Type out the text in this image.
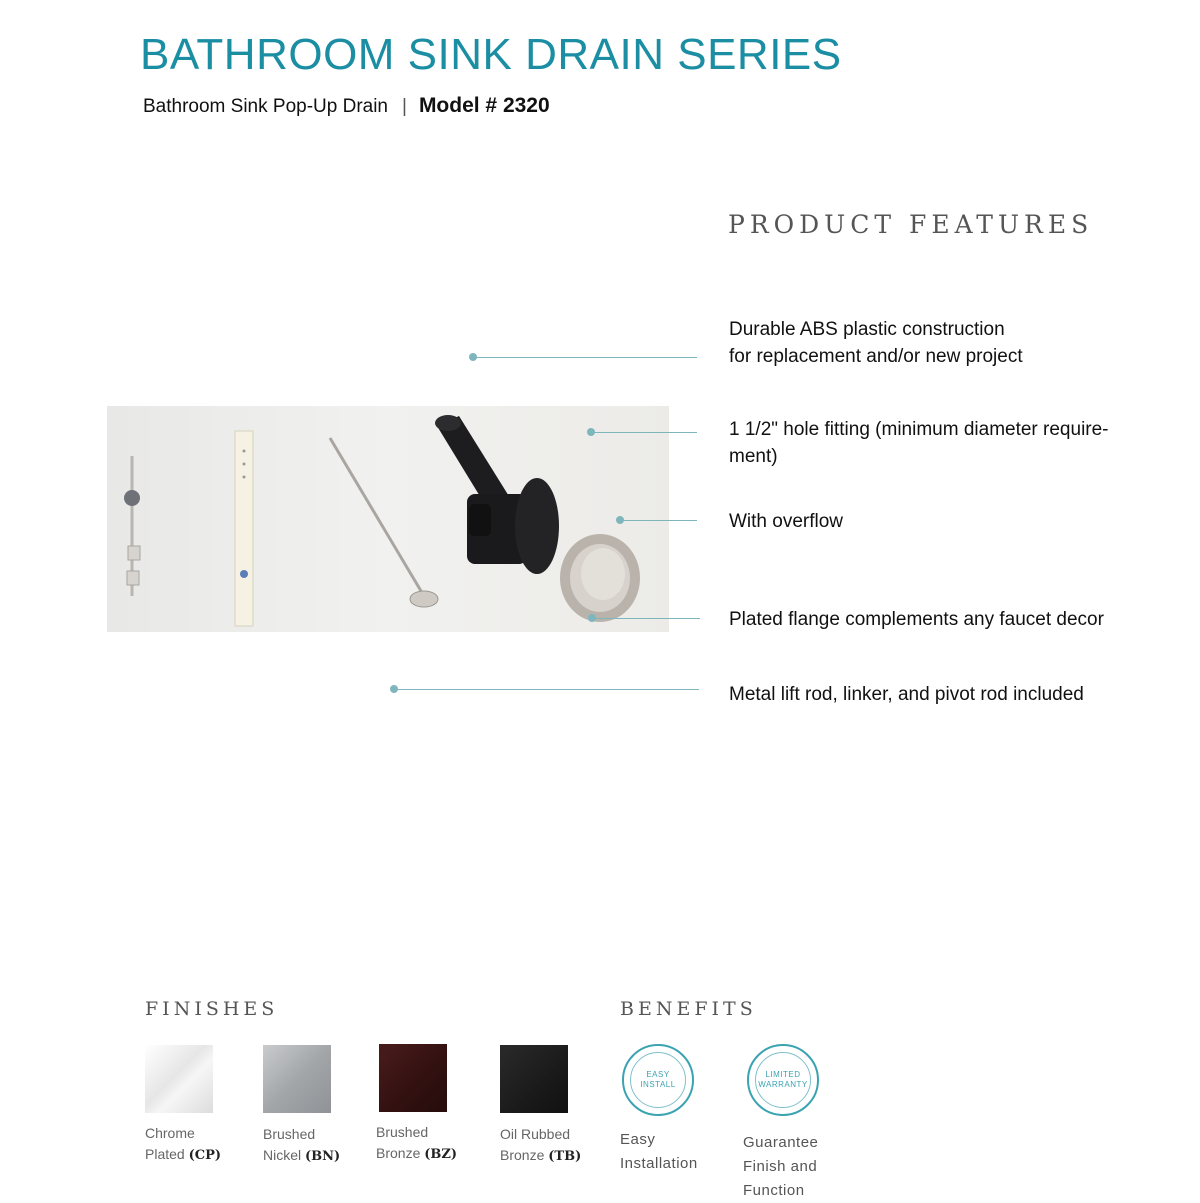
BATHROOM SINK DRAIN SERIES
Bathroom Sink Pop-Up Drain | Model # 2320
PRODUCT FEATURES
Durable ABS plastic construction
for replacement and/or new project
1 1/2" hole fitting (minimum diameter require-
ment)
With overflow
Plated flange complements any faucet decor
Metal lift rod, linker, and pivot rod included
FINISHES
Chrome
Plated (CP)
Brushed
Nickel (BN)
Brushed
Bronze (BZ)
Oil Rubbed
Bronze (TB)
BENEFITS
EASY INSTALL
Easy
Installation
LIMITED WARRANTY
Guarantee
Finish and
Function
